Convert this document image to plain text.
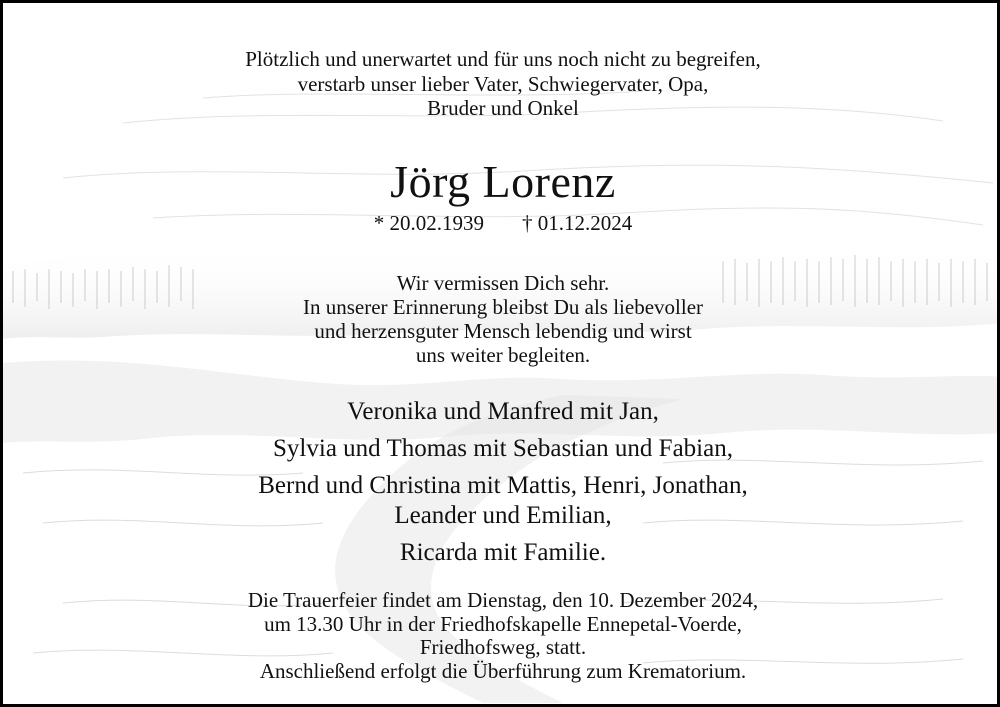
Plötzlich und unerwartet und für uns noch nicht zu begreifen,
verstarb unser lieber Vater, Schwiegervater, Opa,
Bruder und Onkel
Jörg Lorenz
* 20.02.1939 † 01.12.2024
Wir vermissen Dich sehr.
In unserer Erinnerung bleibst Du als liebevoller
und herzensguter Mensch lebendig und wirst
uns weiter begleiten.
Veronika und Manfred mit Jan,
Sylvia und Thomas mit Sebastian und Fabian,
Bernd und Christina mit Mattis, Henri, Jonathan,
Leander und Emilian,
Ricarda mit Familie.
Die Trauerfeier findet am Dienstag, den 10. Dezember 2024,
um 13.30 Uhr in der Friedhofskapelle Ennepetal-Voerde,
Friedhofsweg, statt.
Anschließend erfolgt die Überführung zum Krematorium.
